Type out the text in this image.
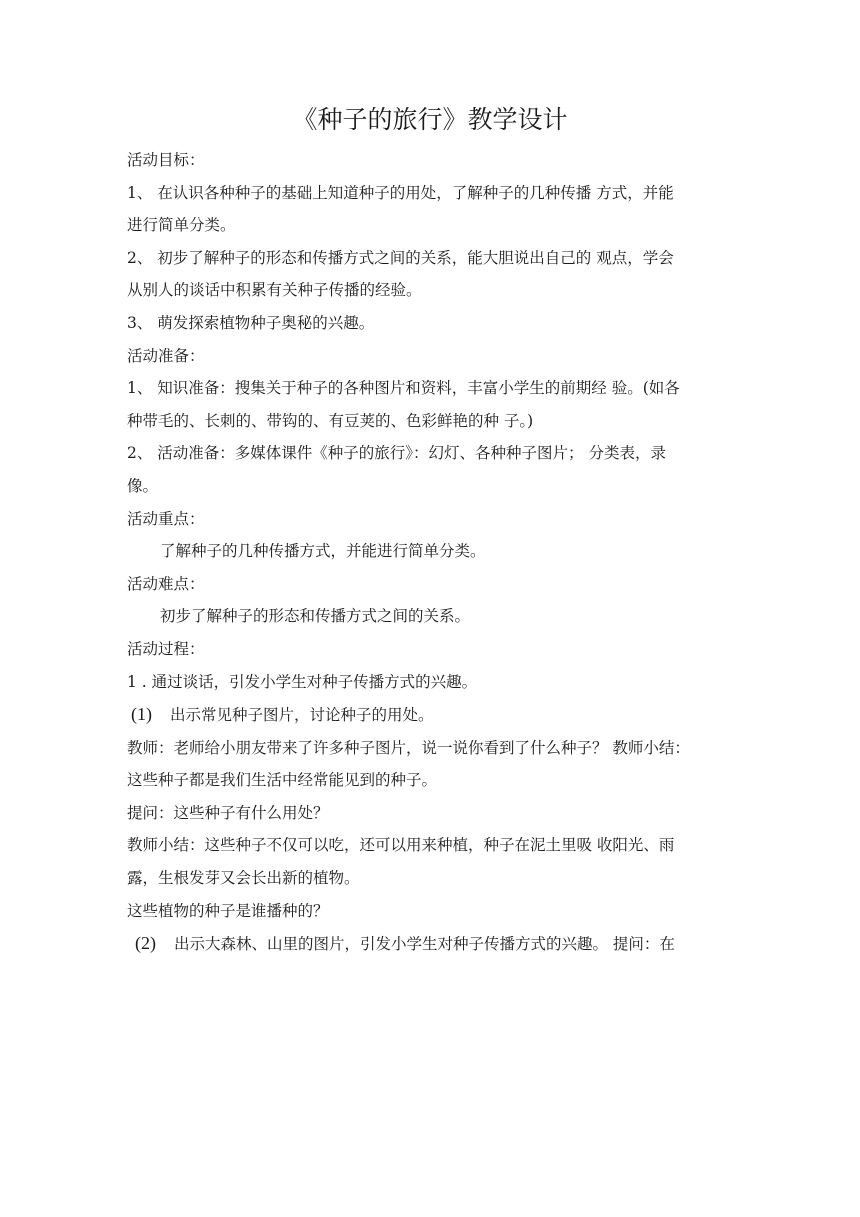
《种子的旅行》教学设计

活动目标：

1、 在认识各种种子的基础上知道种子的用处，了解种子的几种传播 方式，并能

进行简单分类。

2、 初步了解种子的形态和传播方式之间的关系，能大胆说出自己的 观点，学会

从别人的谈话中积累有关种子传播的经验。

3、 萌发探索植物种子奥秘的兴趣。

活动准备：

1、 知识准备：搜集关于种子的各种图片和资料，丰富小学生的前期经 验。(如各

种带毛的、长刺的、带钩的、有豆荚的、色彩鲜艳的种 子。)

2、 活动准备：多媒体课件《种子的旅行》：幻灯、各种种子图片； 分类表，录

像。

活动重点：

了解种子的几种传播方式，并能进行简单分类。

活动难点：

初步了解种子的形态和传播方式之间的关系。

活动过程：

1 . 通过谈话，引发小学生对种子传播方式的兴趣。

(1) 出示常见种子图片，讨论种子的用处。

教师：老师给小朋友带来了许多种子图片，说一说你看到了什么种子？ 教师小结：

这些种子都是我们生活中经常能见到的种子。

提问：这些种子有什么用处？

教师小结：这些种子不仅可以吃，还可以用来种植，种子在泥土里吸 收阳光、雨

露，生根发芽又会长出新的植物。

这些植物的种子是谁播种的？

(2) 出示大森林、山里的图片，引发小学生对种子传播方式的兴趣。 提问：在
